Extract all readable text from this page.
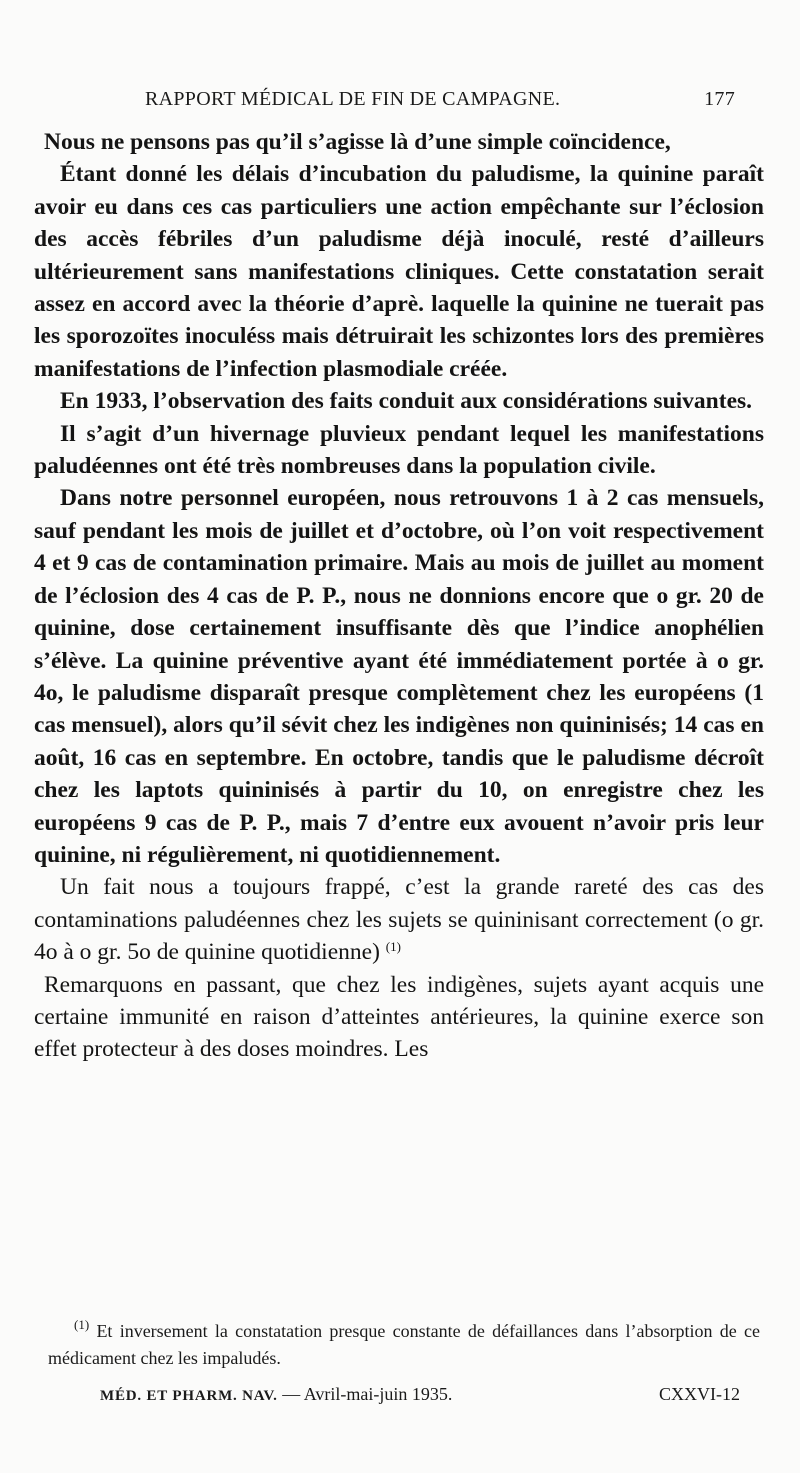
RAPPORT MÉDICAL DE FIN DE CAMPAGNE.	177

Nous ne pensons pas qu’il s’agisse là d’une simple coïncidence,

Étant donné les délais d’incubation du paludisme, la quinine paraît avoir eu dans ces cas particuliers une action empêchante sur l’éclosion des accès fébriles d’un paludisme déjà inoculé, resté d’ailleurs ultérieurement sans manifestations cliniques. Cette constatation serait assez en accord avec la théorie d’aprè. laquelle la quinine ne tuerait pas les sporozoïtes inoculéss mais détruirait les schizontes lors des premières manifestations de l’infection plasmodiale créée.

En 1933, l’observation des faits conduit aux considérations suivantes.

Il s’agit d’un hivernage pluvieux pendant lequel les manifestations paludéennes ont été très nombreuses dans la population civile.

Dans notre personnel européen, nous retrouvons 1 à 2 cas mensuels, sauf pendant les mois de juillet et d’octobre, où l’on voit respectivement 4 et 9 cas de contamination primaire. Mais au mois de juillet au moment de l’éclosion des 4 cas de P. P., nous ne donnions encore que o gr. 20 de quinine, dose certainement insuffisante dès que l’indice anophélien s’élève. La quinine préventive ayant été immédiatement portée à o gr. 4o, le paludisme disparaît presque complètement chez les européens (1 cas mensuel), alors qu’il sévit chez les indigènes non quininisés; 14 cas en août, 16 cas en septembre. En octobre, tandis que le paludisme décroît chez les laptots quininisés à partir du 10, on enregistre chez les européens 9 cas de P. P., mais 7 d’entre eux avouent n’avoir pris leur quinine, ni régulièrement, ni quotidiennement.

Un fait nous a toujours frappé, c’est la grande rareté des cas des contaminations paludéennes chez les sujets se quininisant correctement (o gr. 4o à o gr. 5o de quinine quotidienne) $^{(1)}$

Remarquons en passant, que chez les indigènes, sujets ayant acquis une certaine immunité en raison d’atteintes antérieures, la quinine exerce son effet protecteur à des doses moindres. Les

$^{(1)}$ Et inversement la constatation presque constante de défaillances dans l’absorption de ce médicament chez les impaludés.

MÉD. ET PHARM. NAV. — Avril-mai-juin 1935.	CXXVI-12
